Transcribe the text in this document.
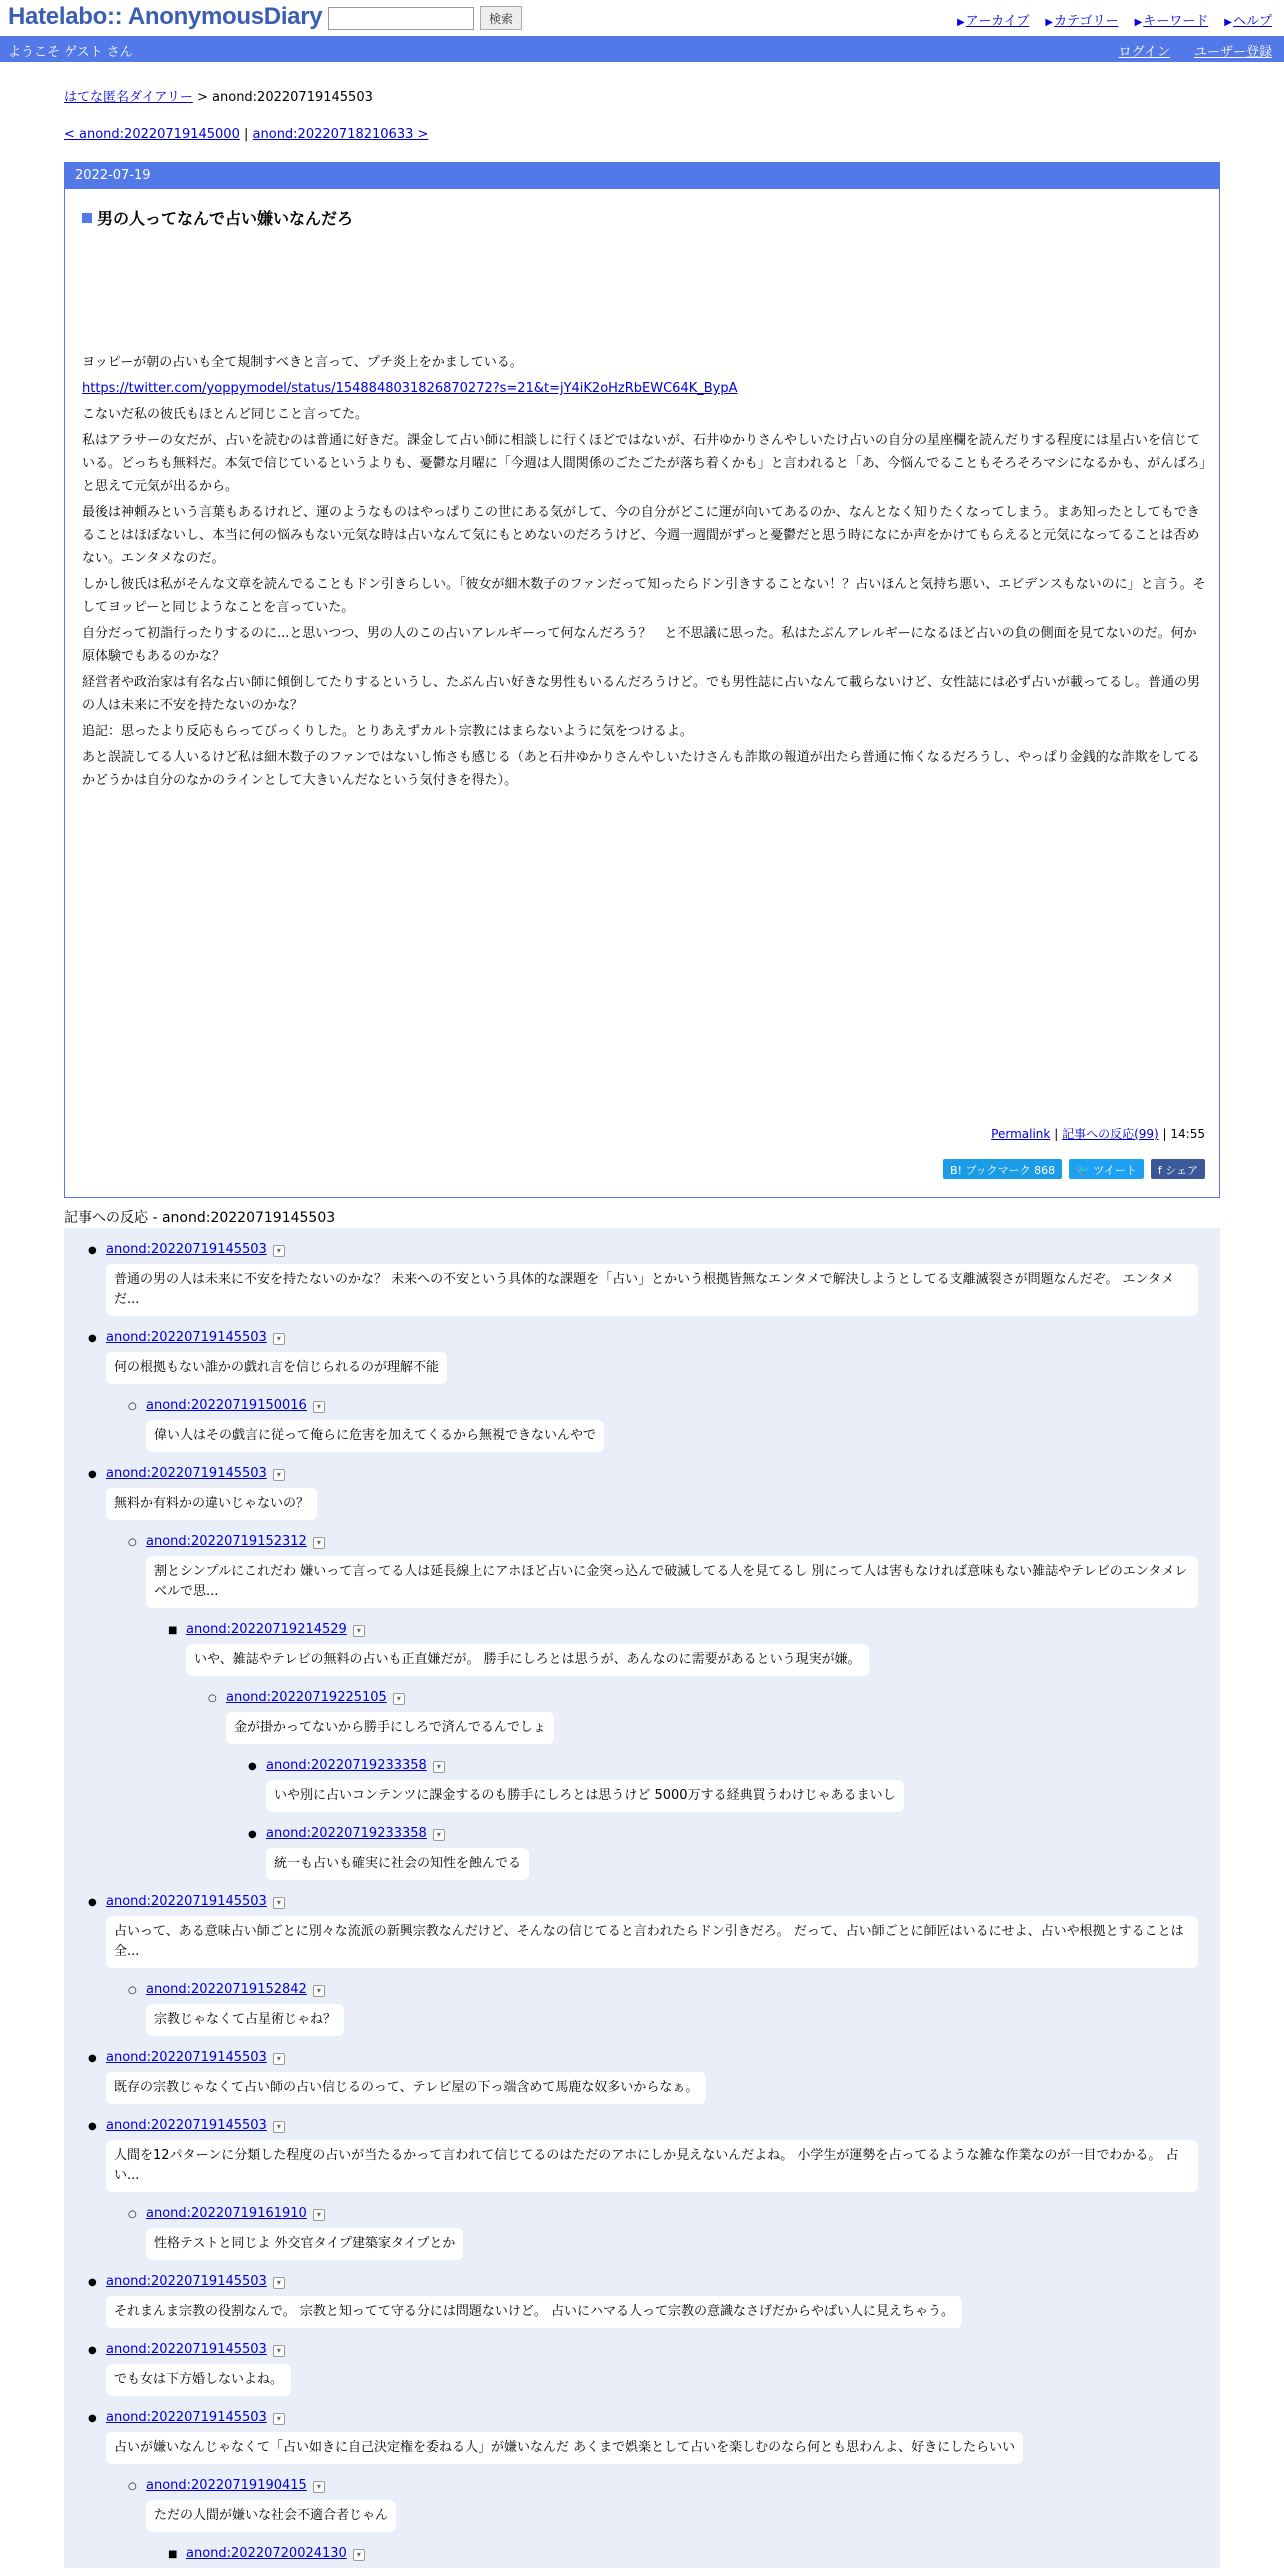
Hatelabo:: AnonymousDiary	検索	▶アーカイブ ▶カテゴリー ▶キーワード ▶ヘルプ
ようこそ ゲスト さん	ログイン ユーザー登録
はてな匿名ダイアリー > anond:20220719145503
< anond:20220719145000 | anond:20220718210633 >
2022-07-19
男の人ってなんで占い嫌いなんだろ

ヨッピーが朝の占いも全て規制すべきと言って、プチ炎上をかましている。

https://twitter.com/yoppymodel/status/1548848031826870272?s=21&t=jY4iK2oHzRbEWC64K_BypA

こないだ私の彼氏もほとんど同じこと言ってた。

私はアラサーの女だが、占いを読むのは普通に好きだ。課金して占い師に相談しに行くほどではないが、石井ゆかりさんやしいたけ占いの自分の星座欄を読んだりする程度には星占いを信じている。どっちも無料だ。本気で信じているというよりも、憂鬱な月曜に「今週は人間関係のごたごたが落ち着くかも」と言われると「あ、今悩んでることもそろそろマシになるかも、がんばろ」と思えて元気が出るから。

最後は神頼みという言葉もあるけれど、運のようなものはやっぱりこの世にある気がして、今の自分がどこに運が向いてあるのか、なんとなく知りたくなってしまう。まあ知ったとしてもできることはほぼないし、本当に何の悩みもない元気な時は占いなんて気にもとめないのだろうけど、今週一週間がずっと憂鬱だと思う時になにか声をかけてもらえると元気になってることは否めない。エンタメなのだ。

しかし彼氏は私がそんな文章を読んでることもドン引きらしい。「彼女が細木数子のファンだって知ったらドン引きすることない！？占いほんと気持ち悪い、エビデンスもないのに」と言う。そしてヨッピーと同じようなことを言っていた。

自分だって初詣行ったりするのに...と思いつつ、男の人のこの占いアレルギーって何なんだろう？　と不思議に思った。私はたぶんアレルギーになるほど占いの負の側面を見てないのだ。何か原体験でもあるのかな？

経営者や政治家は有名な占い師に傾倒してたりするというし、たぶん占い好きな男性もいるんだろうけど。でも男性誌に占いなんて載らないけど、女性誌には必ず占いが載ってるし。普通の男の人は未来に不安を持たないのかな？

追記：思ったより反応もらってびっくりした。とりあえずカルト宗教にはまらないように気をつけるよ。

あと誤読してる人いるけど私は細木数子のファンではないし怖さも感じる（あと石井ゆかりさんやしいたけさんも詐欺の報道が出たら普通に怖くなるだろうし、やっぱり金銭的な詐欺をしてるかどうかは自分のなかのラインとして大きいんだなという気付きを得た）。

Permalink | 記事への反応(99) | 14:55
B! ブックマーク 868	🐦 ツイート	f シェア
記事への反応 - anond:20220719145503
● anond:20220719145503 ▾
普通の男の人は未来に不安を持たないのかな？ 未来への不安という具体的な課題を「占い」とかいう根拠皆無なエンタメで解決しようとしてる支離滅裂さが問題なんだぞ。 エンタメだ...
● anond:20220719145503 ▾
何の根拠もない誰かの戯れ言を信じられるのが理解不能
○ anond:20220719150016 ▾
偉い人はその戯言に従って俺らに危害を加えてくるから無視できないんやで
● anond:20220719145503 ▾
無料か有料かの違いじゃないの？
○ anond:20220719152312 ▾
割とシンプルにこれだわ 嫌いって言ってる人は延長線上にアホほど占いに金突っ込んで破滅してる人を見てるし 別にって人は害もなければ意味もない雑誌やテレビのエンタメレベルで思...
■ anond:20220719214529 ▾
いや、雑誌やテレビの無料の占いも正直嫌だが。 勝手にしろとは思うが、あんなのに需要があるという現実が嫌。
○ anond:20220719225105 ▾
金が掛かってないから勝手にしろで済んでるんでしょ
● anond:20220719233358 ▾
いや別に占いコンテンツに課金するのも勝手にしろとは思うけど 5000万する経典買うわけじゃあるまいし
● anond:20220719233358 ▾
統一も占いも確実に社会の知性を蝕んでる
● anond:20220719145503 ▾
占いって、ある意味占い師ごとに別々な流派の新興宗教なんだけど、そんなの信じてると言われたらドン引きだろ。 だって、占い師ごとに師匠はいるにせよ、占いや根拠とすることは全...
○ anond:20220719152842 ▾
宗教じゃなくて占星術じゃね？
● anond:20220719145503 ▾
既存の宗教じゃなくて占い師の占い信じるのって、テレビ屋の下っ端含めて馬鹿な奴多いからなぁ。
● anond:20220719145503 ▾
人間を12パターンに分類した程度の占いが当たるかって言われて信じてるのはただのアホにしか見えないんだよね。 小学生が運勢を占ってるような雑な作業なのが一目でわかる。 占い...
○ anond:20220719161910 ▾
性格テストと同じよ 外交官タイプ建築家タイプとか
● anond:20220719145503 ▾
それまんま宗教の役割なんで。 宗教と知ってて守る分には問題ないけど。 占いにハマる人って宗教の意識なさげだからやばい人に見えちゃう。
● anond:20220719145503 ▾
でも女は下方婚しないよね。
● anond:20220719145503 ▾
占いが嫌いなんじゃなくて「占い如きに自己決定権を委ねる人」が嫌いなんだ あくまで娯楽として占いを楽しむのなら何とも思わんよ、好きにしたらいい
○ anond:20220719190415 ▾
ただの人間が嫌いな社会不適合者じゃん
■ anond:20220720024130 ▾
